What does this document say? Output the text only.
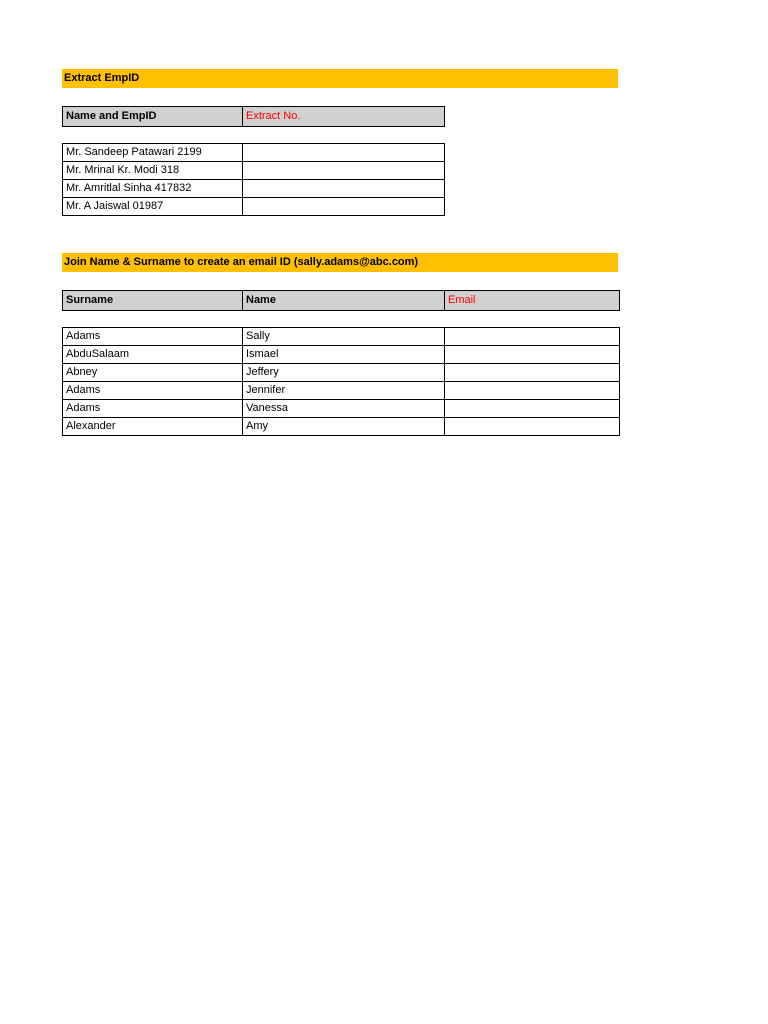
Extract EmpID
Name and EmpID	Extract No.
Mr. Sandeep Patawari 2199	
Mr. Mrinal Kr. Modi 318	
Mr. Amritlal Sinha 417832	
Mr. A Jaiswal 01987	
Join Name & Surname to create an email ID (sally.adams@abc.com)
Surname	Name	Email
Adams	Sally	
AbduSalaam	Ismael	
Abney	Jeffery	
Adams	Jennifer	
Adams	Vanessa	
Alexander	Amy	
